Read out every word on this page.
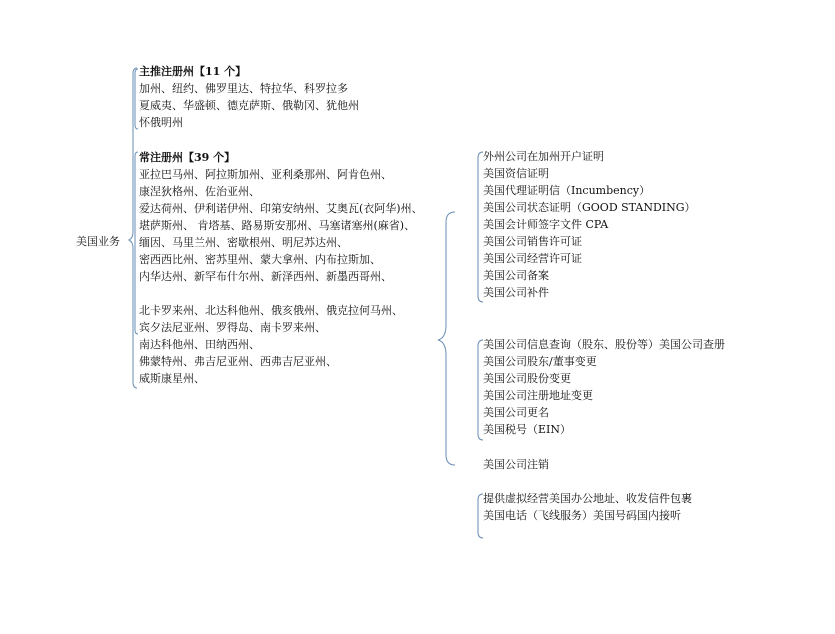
美国业务
主推注册州【11 个】
加州、纽约、佛罗里达、特拉华、科罗拉多
夏威夷、华盛顿、德克萨斯、俄勒冈、犹他州
怀俄明州
常注册州【39 个】
亚拉巴马州、阿拉斯加州、亚利桑那州、阿肯色州、
康涅狄格州、佐治亚州、
爱达荷州、伊利诺伊州、印第安纳州、艾奥瓦(衣阿华)州、
堪萨斯州、 肯塔基、路易斯安那州、马塞诸塞州(麻省)、
缅因、马里兰州、密歇根州、明尼苏达州、
密西西比州、密苏里州、蒙大拿州、内布拉斯加、
内华达州、新罕布什尔州、新泽西州、新墨西哥州、
北卡罗来州、北达科他州、俄亥俄州、俄克拉何马州、
宾夕法尼亚州、罗得岛、南卡罗来州、
南达科他州、田纳西州、
佛蒙特州、弗吉尼亚州、西弗吉尼亚州、
威斯康星州、
外州公司在加州开户证明
美国资信证明
美国代理证明信（Incumbency）
美国公司状态证明（GOOD STANDING）
美国会计师签字文件 CPA
美国公司销售许可证
美国公司经营许可证
美国公司备案
美国公司补件
美国公司信息查询（股东、股份等）美国公司查册
美国公司股东/董事变更
美国公司股份变更
美国公司注册地址变更
美国公司更名
美国税号（EIN）
美国公司注销
提供虚拟经营美国办公地址、收发信件包裹
美国电话（飞线服务）美国号码国内接听
